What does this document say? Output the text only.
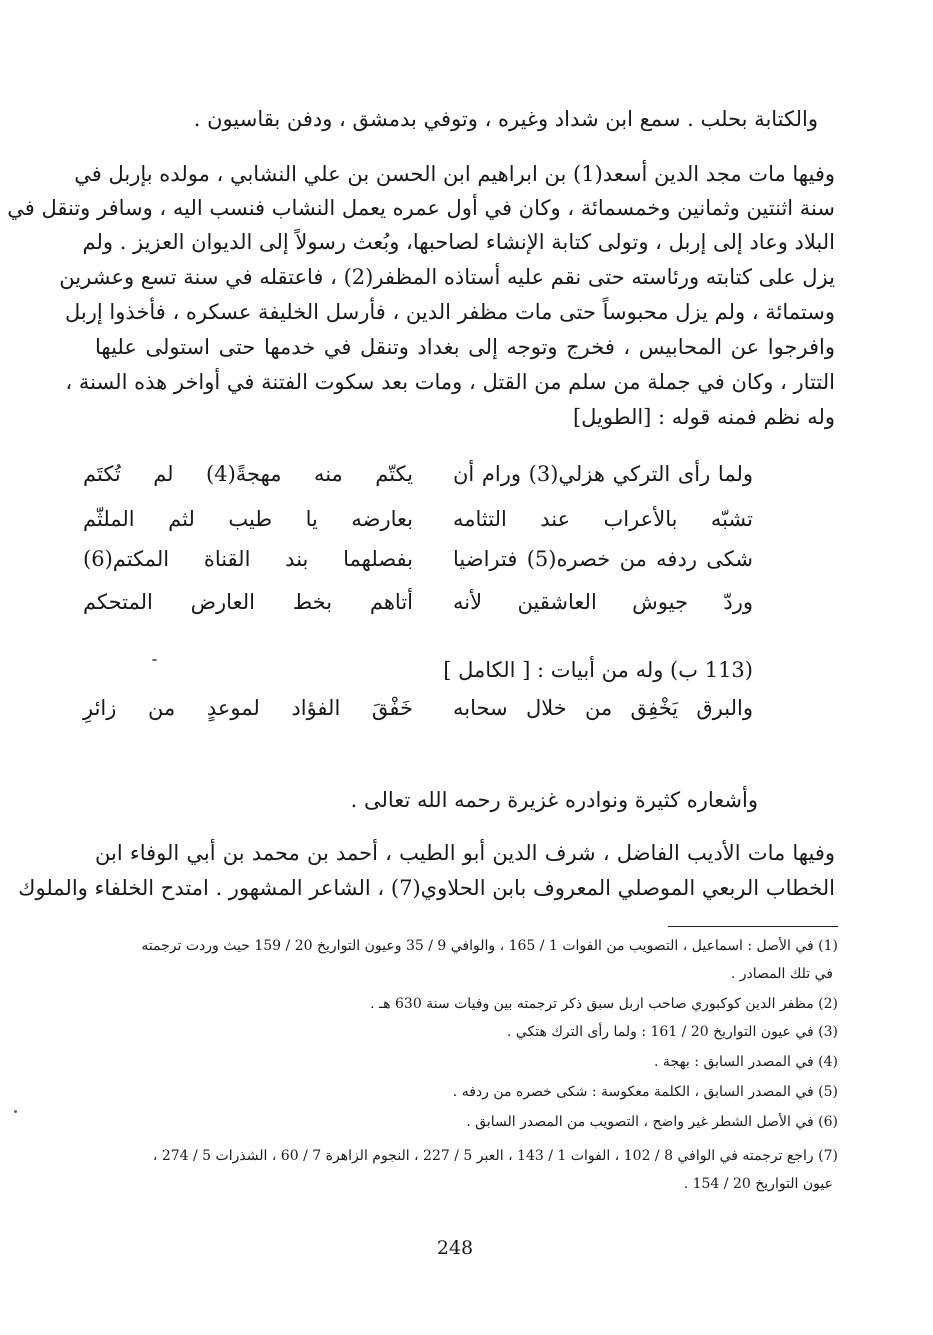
والكتابة بحلب . سمع ابن شداد وغيره ، وتوفي بدمشق ، ودفن بقاسيون .
وفيها مات مجد الدين أسعد(1) بن ابراهيم ابن الحسن بن علي النشابي ، مولده بإربل في
سنة اثنتين وثمانين وخمسمائة ، وكان في أول عمره يعمل النشاب فنسب اليه ، وسافر وتنقل في
البلاد وعاد إلى إربل ، وتولى كتابة الإنشاء لصاحبها، وبُعث رسولاً إلى الديوان العزيز . ولم
يزل على كتابته ورئاسته حتى نقم عليه أستاذه المظفر(2) ، فاعتقله في سنة تسع وعشرين
وستمائة ، ولم يزل محبوساً حتى مات مظفر الدين ، فأرسل الخليفة عسكره ، فأخذوا إربل
وافرجوا عن المحابيس ، فخرج وتوجه إلى بغداد وتنقل في خدمها حتى استولى عليها
التتار ، وكان في جملة من سلم من القتل ، ومات بعد سكوت الفتنة في أواخر هذه السنة ،
وله نظم فمنه قوله : [الطويل]
ولما رأى التركي هزلي(3) ورام أن
يكتّم منه مهجةً(4) لم تُكتَم
تشبّه بالأعراب عند التثامه
بعارضه يا طيب لثم الملثّم
شكى ردفه من خصره(5) فتراضيا
بفصلهما بند القناة المكتم(6)
وردّ جيوش العاشقين لأنه
أتاهم بخط العارض المتحكم
(113 ب) وله من أبيات : [ الكامل ]
والبرق يَخْفِق من خلال سحابه
خَفْقَ الفؤاد لموعدٍ من زائرِ
وأشعاره كثيرة ونوادره غزيرة رحمه الله تعالى .
وفيها مات الأديب الفاضل ، شرف الدين أبو الطيب ، أحمد بن محمد بن أبي الوفاء ابن
الخطاب الربعي الموصلي المعروف بابن الحلاوي(7) ، الشاعر المشهور . امتدح الخلفاء والملوك
(1) في الأصل : اسماعيل ، التصويب من الفوات 1 / 165 ، والوافي 9 / 35 وعيون التواريخ 20 / 159 حيث وردت ترجمته
في تلك المصادر .
(2) مظفر الدين كوكبوري صاحب اربل سبق ذكر ترجمته بين وفيات سنة 630 هـ .
(3) في عيون التواريخ 20 / 161 : ولما رأى الترك هتكي .
(4) في المصدر السابق : بهجة .
(5) في المصدر السابق ، الكلمة معكوسة : شكى خصره من ردفه .
(6) في الأصل الشطر غير واضح ، التصويب من المصدر السابق .
(7) راجع ترجمته في الوافي 8 / 102 ، الفوات 1 / 143 ، العبر 5 / 227 ، النجوم الزاهرة 7 / 60 ، الشذرات 5 / 274 ،
عيون التواريخ 20 / 154 .
248
